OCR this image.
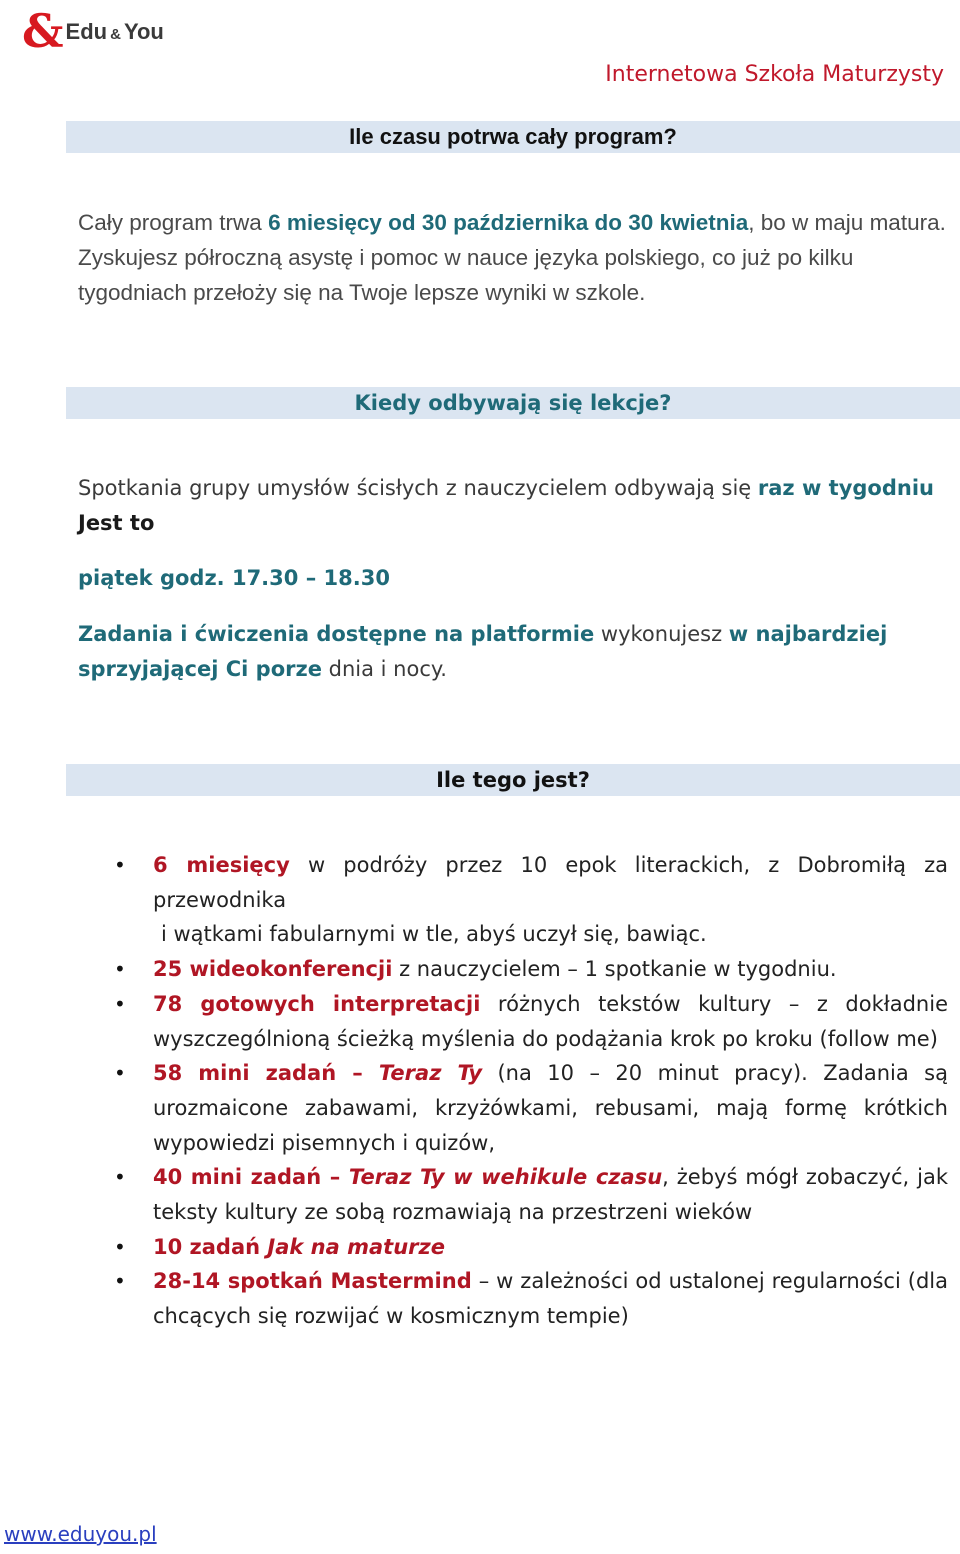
& Edu & You
Internetowa Szkoła Maturzysty
Ile czasu potrwa cały program?
Cały program trwa 6 miesięcy od 30 października do 30 kwietnia, bo w maju matura. Zyskujesz półroczną asystę i pomoc w nauce języka polskiego, co już po kilku tygodniach przełoży się na Twoje lepsze wyniki w szkole.
Kiedy odbywają się lekcje?
Spotkania grupy umysłów ścisłych z nauczycielem odbywają się raz w tygodniu Jest to
piątek godz. 17.30 – 18.30
Zadania i ćwiczenia dostępne na platformie wykonujesz w najbardziej sprzyjającej Ci porze dnia i nocy.
Ile tego jest?
• 6 miesięcy w podróży przez 10 epok literackich, z Dobromiłą za przewodnika
i wątkami fabularnymi w tle, abyś uczył się, bawiąc.
• 25 wideokonferencji z nauczycielem – 1 spotkanie w tygodniu.
• 78 gotowych interpretacji różnych tekstów kultury – z dokładnie wyszczególnioną ścieżką myślenia do podążania krok po kroku (follow me)
• 58 mini zadań – Teraz Ty (na 10 – 20 minut pracy). Zadania są urozmaicone zabawami, krzyżówkami, rebusami, mają formę krótkich wypowiedzi pisemnych i quizów,
• 40 mini zadań – Teraz Ty w wehikule czasu, żebyś mógł zobaczyć, jak teksty kultury ze sobą rozmawiają na przestrzeni wieków
• 10 zadań Jak na maturze
• 28-14 spotkań Mastermind – w zależności od ustalonej regularności (dla chcących się rozwijać w kosmicznym tempie)
www.eduyou.pl
